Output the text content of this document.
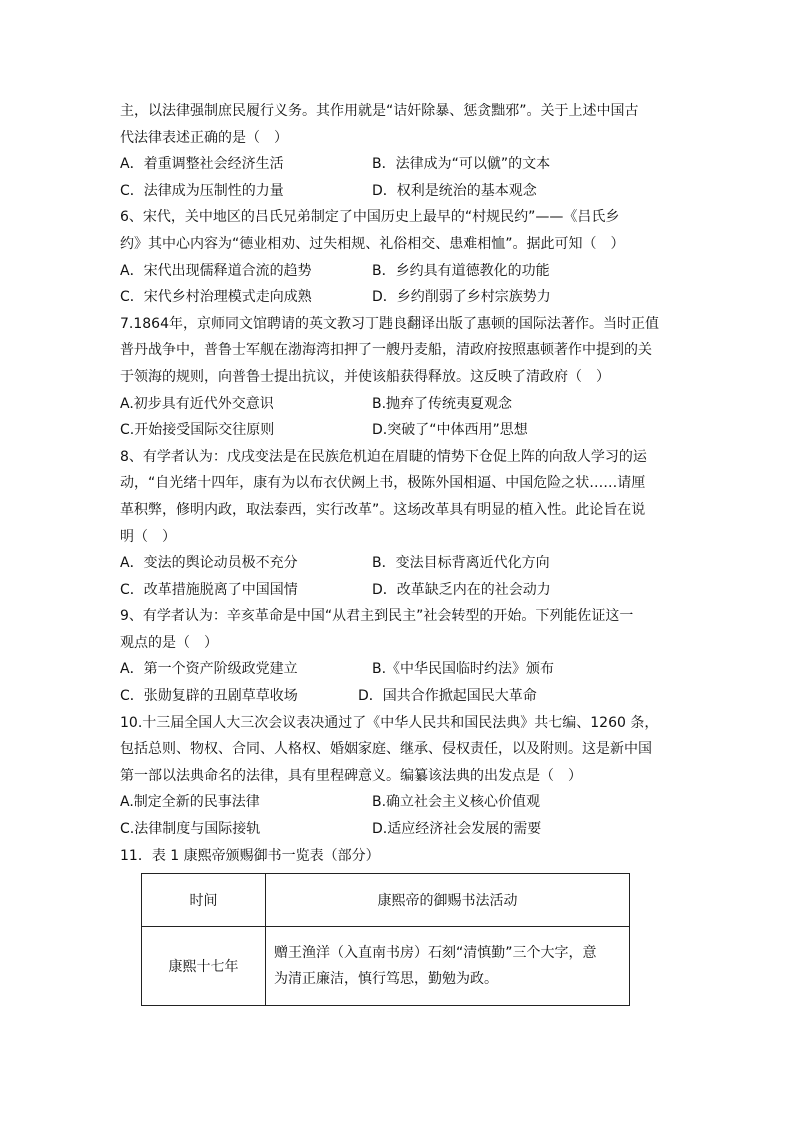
主，以法律强制庶民履行义务。其作用就是“诘奸除暴、惩贪黜邪”。关于上述中国古
代法律表述正确的是（　）
A．着重调整社会经济生活	B．法律成为“可以僦”的文本
C．法律成为压制性的力量	D．权利是统治的基本观念
6、宋代，关中地区的吕氏兄弟制定了中国历史上最早的“村规民约”——《吕氏乡
约》其中心内容为“德业相劝、过失相规、礼俗相交、患难相恤”。据此可知（　）
A．宋代出现儒释道合流的趋势	B．乡约具有道德教化的功能
C．宋代乡村治理模式走向成熟	D．乡约削弱了乡村宗族势力
7.1864年，京师同文馆聘请的英文教习丁韪良翻译出版了惠顿的国际法著作。当时正值
普丹战争中，普鲁士军舰在渤海湾扣押了一艘丹麦船，清政府按照惠顿著作中提到的关
于领海的规则，向普鲁士提出抗议，并使该船获得释放。这反映了清政府（　）
A.初步具有近代外交意识	B.抛弃了传统夷夏观念
C.开始接受国际交往原则	D.突破了“中体西用”思想
8、有学者认为：戊戌变法是在民族危机迫在眉睫的情势下仓促上阵的向敌人学习的运
动，“自光绪十四年，康有为以布衣伏阙上书，极陈外国相逼、中国危险之状……请厘
革积弊，修明内政，取法泰西，实行改革”。这场改革具有明显的植入性。此论旨在说
明（　）
A．变法的舆论动员极不充分	B．变法目标背离近代化方向
C．改革措施脱离了中国国情	D．改革缺乏内在的社会动力
9、有学者认为：辛亥革命是中国“从君主到民主”社会转型的开始。下列能佐证这一
观点的是（　）
A．第一个资产阶级政党建立	B.《中华民国临时约法》颁布
C．张勋复辟的丑剧草草收场	D．国共合作掀起国民大革命
10.十三届全国人大三次会议表决通过了《中华人民共和国民法典》共七编、1260 条，
包括总则、物权、合同、人格权、婚姻家庭、继承、侵权责任，以及附则。这是新中国
第一部以法典命名的法律，具有里程碑意义。编纂该法典的出发点是（　）
A.制定全新的民事法律	B.确立社会主义核心价值观
C.法律制度与国际接轨	D.适应经济社会发展的需要
11．表 1 康熙帝颁赐御书一览表（部分）
时间	康熙帝的御赐书法活动
康熙十七年	赠王渔洋（入直南书房）石刻“清慎勤”三个大字，意
为清正廉洁，慎行笃思，勤勉为政。
